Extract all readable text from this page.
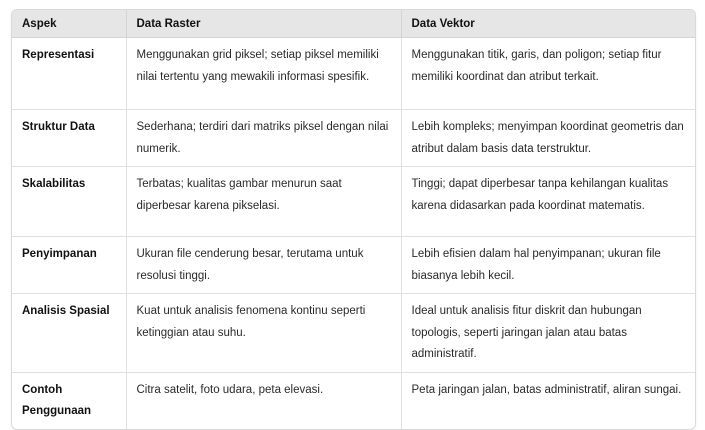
Aspek	Data Raster	Data Vektor
Representasi	Menggunakan grid piksel; setiap piksel memiliki nilai tertentu yang mewakili informasi spesifik.	Menggunakan titik, garis, dan poligon; setiap fitur memiliki koordinat dan atribut terkait.
Struktur Data	Sederhana; terdiri dari matriks piksel dengan nilai numerik.	Lebih kompleks; menyimpan koordinat geometris dan atribut dalam basis data terstruktur.
Skalabilitas	Terbatas; kualitas gambar menurun saat diperbesar karena pikselasi.	Tinggi; dapat diperbesar tanpa kehilangan kualitas karena didasarkan pada koordinat matematis.
Penyimpanan	Ukuran file cenderung besar, terutama untuk resolusi tinggi.	Lebih efisien dalam hal penyimpanan; ukuran file biasanya lebih kecil.
Analisis Spasial	Kuat untuk analisis fenomena kontinu seperti ketinggian atau suhu.	Ideal untuk analisis fitur diskrit dan hubungan topologis, seperti jaringan jalan atau batas administratif.
Contoh Penggunaan	Citra satelit, foto udara, peta elevasi.	Peta jaringan jalan, batas administratif, aliran sungai.
